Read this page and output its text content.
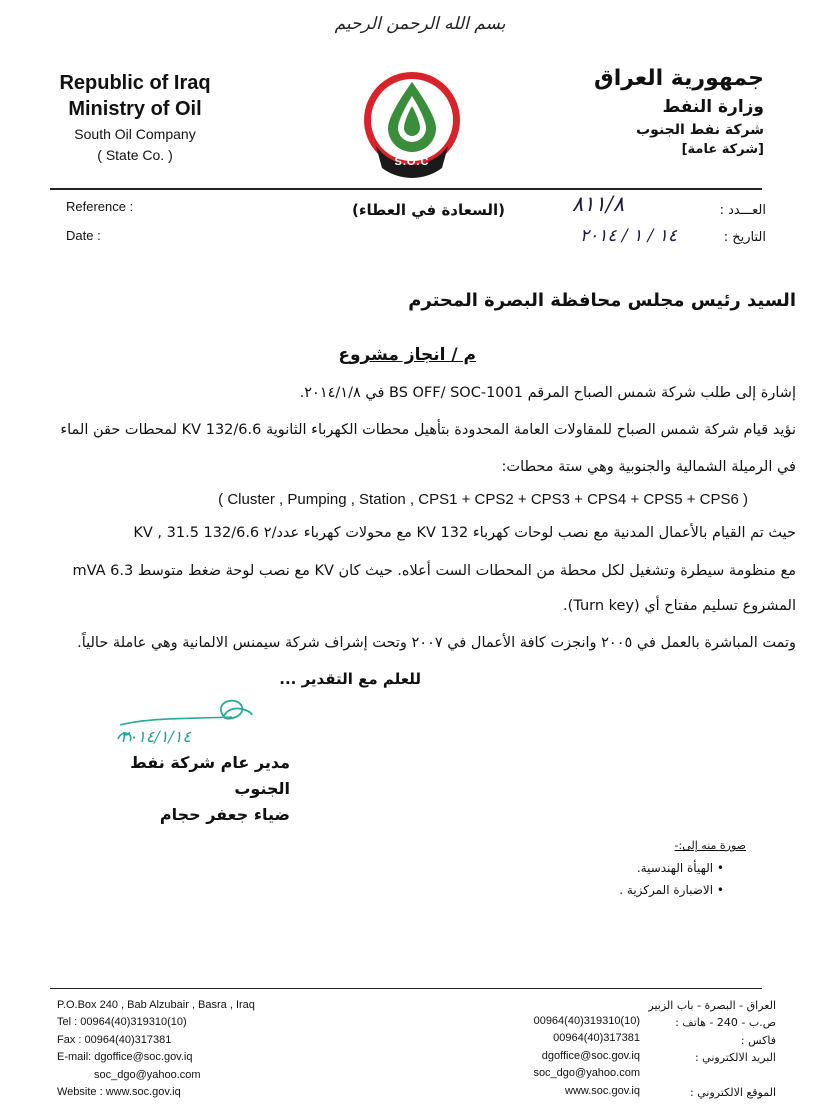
بسم الله الرحمن الرحيم
Republic of Iraq
Ministry of Oil
South Oil Company
( State Co. )
شركة نفط الجنوب
S.O.C
جمهورية العراق
وزارة النفط
شركة نفط الجنوب
[شركة عامة]
Reference :
Date :
(السعادة في العطاء)	العـــدد :
التاريخ :
٨١١/٨
١٤ / ١ / ٢٠١٤
السيد رئيس مجلس محافظة البصرة المحترم
م / انجاز مشروع
إشارة إلى طلب شركة شمس الصباح المرقم BS OFF/ SOC-1001 في ٢٠١٤/١/٨.
نؤيد قيام شركة شمس الصباح للمقاولات العامة المحدودة بتأهيل محطات الكهرباء الثانوية 132/6.6 KV لمحطات حقن الماء
في الرميلة الشمالية والجنوبية وهي ستة محطات:
( Cluster , Pumping , Station , CPS1 + CPS2 + CPS3 + CPS4 + CPS5 + CPS6 )
حيث تم القيام بالأعمال المدنية مع نصب لوحات كهرباء 132 KV مع محولات كهرباء عدد/٢ 132/6.6 KV , 31.5
mVA مع نصب لوحة ضغط متوسط 6.3 KV مع منظومة سيطرة وتشغيل لكل محطة من المحطات الست أعلاه. حيث كان
المشروع تسليم مفتاح أي (Turn key).
وتمت المباشرة بالعمل في ٢٠٠٥ وانجزت كافة الأعمال في ٢٠٠٧ وتحت إشراف شركة سيمنس الالمانية وهي عاملة حالياً.
للعلم مع التقدير ...
٢٠١٤/١/١٤
مدير عام شركة نفط الجنوب
ضياء جعفر حجام
صورة منه إلى:-
• الهيأة الهندسية.
• الاضبارة المركزية .
P.O.Box 240 , Bab Alzubair , Basra , Iraq
Tel : 00964(40)319310(10)
Fax : 00964(40)317381
E-mail: dgoffice@soc.gov.iq
soc_dgo@yahoo.com
Website : www.soc.gov.iq
العراق - البصرة - باب الزبير
ص.ب - 240 - هاتف :
فاكس :
البريد الالكتروني :

الموقع الالكتروني :
00964(40)319310(10)
00964(40)317381
dgoffice@soc.gov.iq
soc_dgo@yahoo.com
www.soc.gov.iq
